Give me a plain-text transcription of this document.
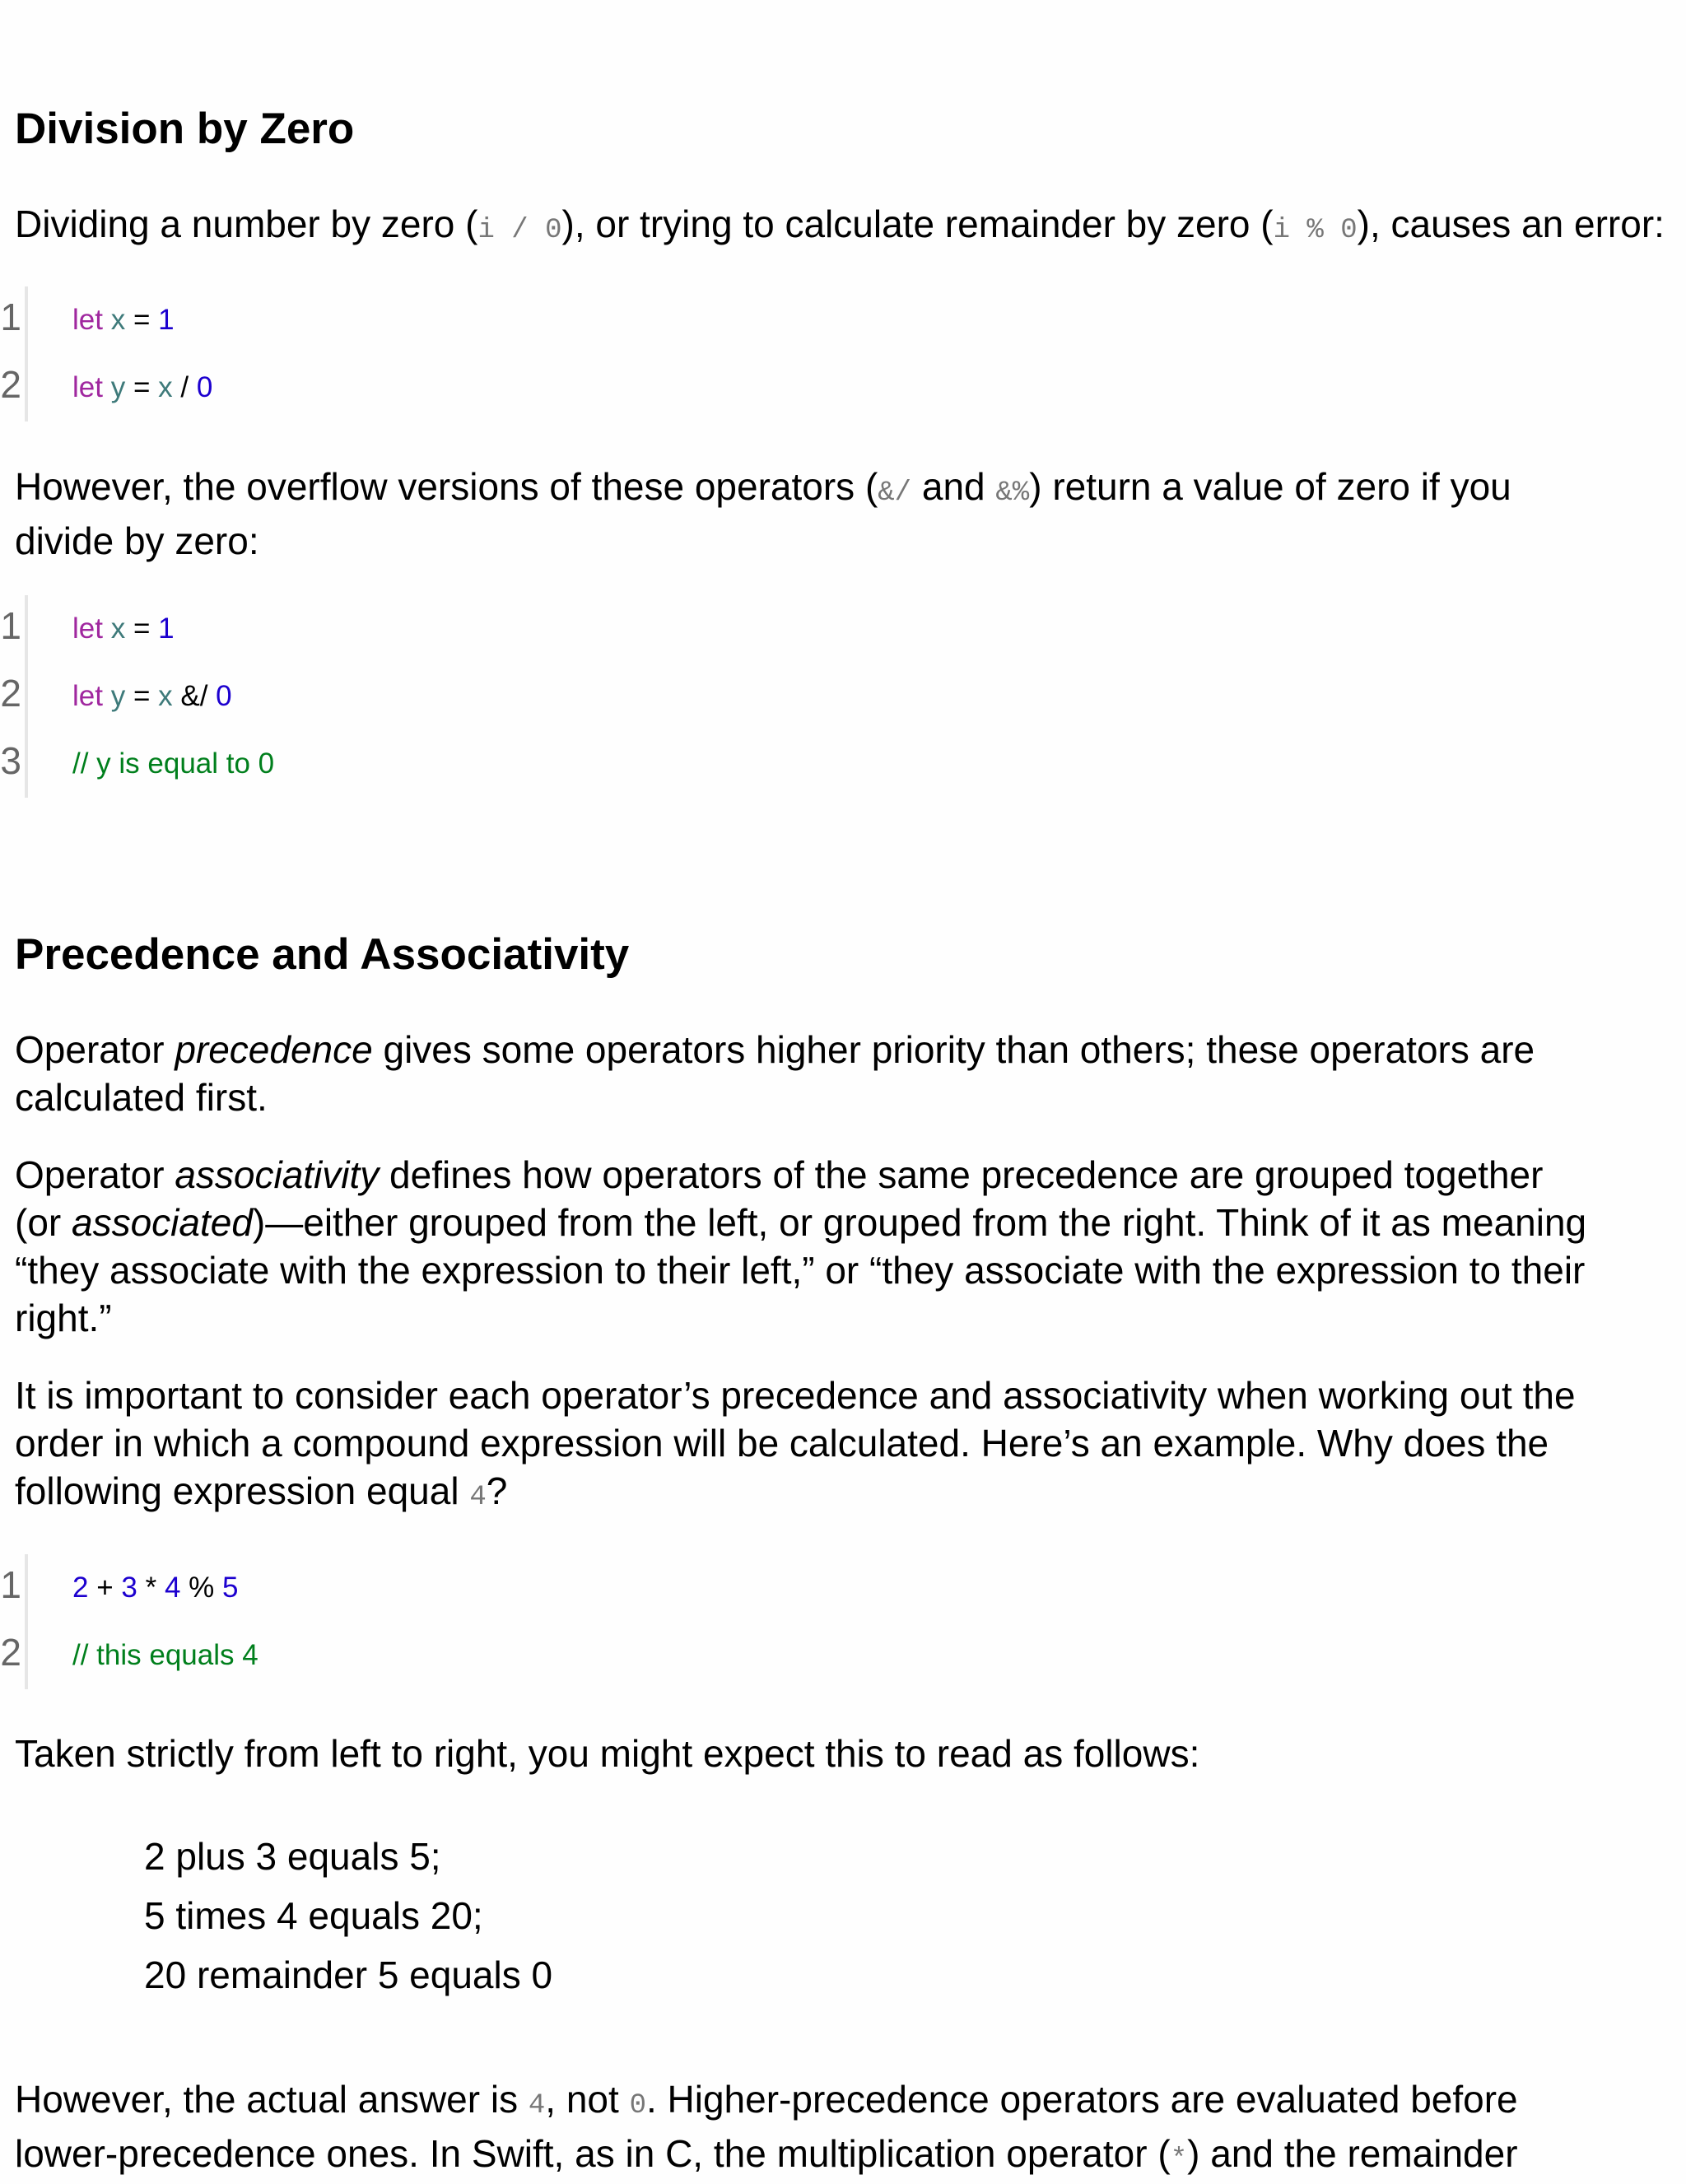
Division by Zero

Dividing a number by zero (i / 0), or trying to calculate remainder by zero (i % 0), causes an error:

1 let x = 1
2 let y = x / 0

However, the overflow versions of these operators (&/ and &%) return a value of zero if you
divide by zero:

1 let x = 1
2 let y = x &/ 0
3 // y is equal to 0
Precedence and Associativity

Operator precedence gives some operators higher priority than others; these operators are
calculated first.

Operator associativity defines how operators of the same precedence are grouped together
(or associated)—either grouped from the left, or grouped from the right. Think of it as meaning
“they associate with the expression to their left,” or “they associate with the expression to their
right.”

It is important to consider each operator’s precedence and associativity when working out the
order in which a compound expression will be calculated. Here’s an example. Why does the
following expression equal 4?

1 2 + 3 * 4 % 5
2 // this equals 4

Taken strictly from left to right, you might expect this to read as follows:

2 plus 3 equals 5;
5 times 4 equals 20;
20 remainder 5 equals 0

However, the actual answer is 4, not 0. Higher-precedence operators are evaluated before
lower-precedence ones. In Swift, as in C, the multiplication operator (*) and the remainder
